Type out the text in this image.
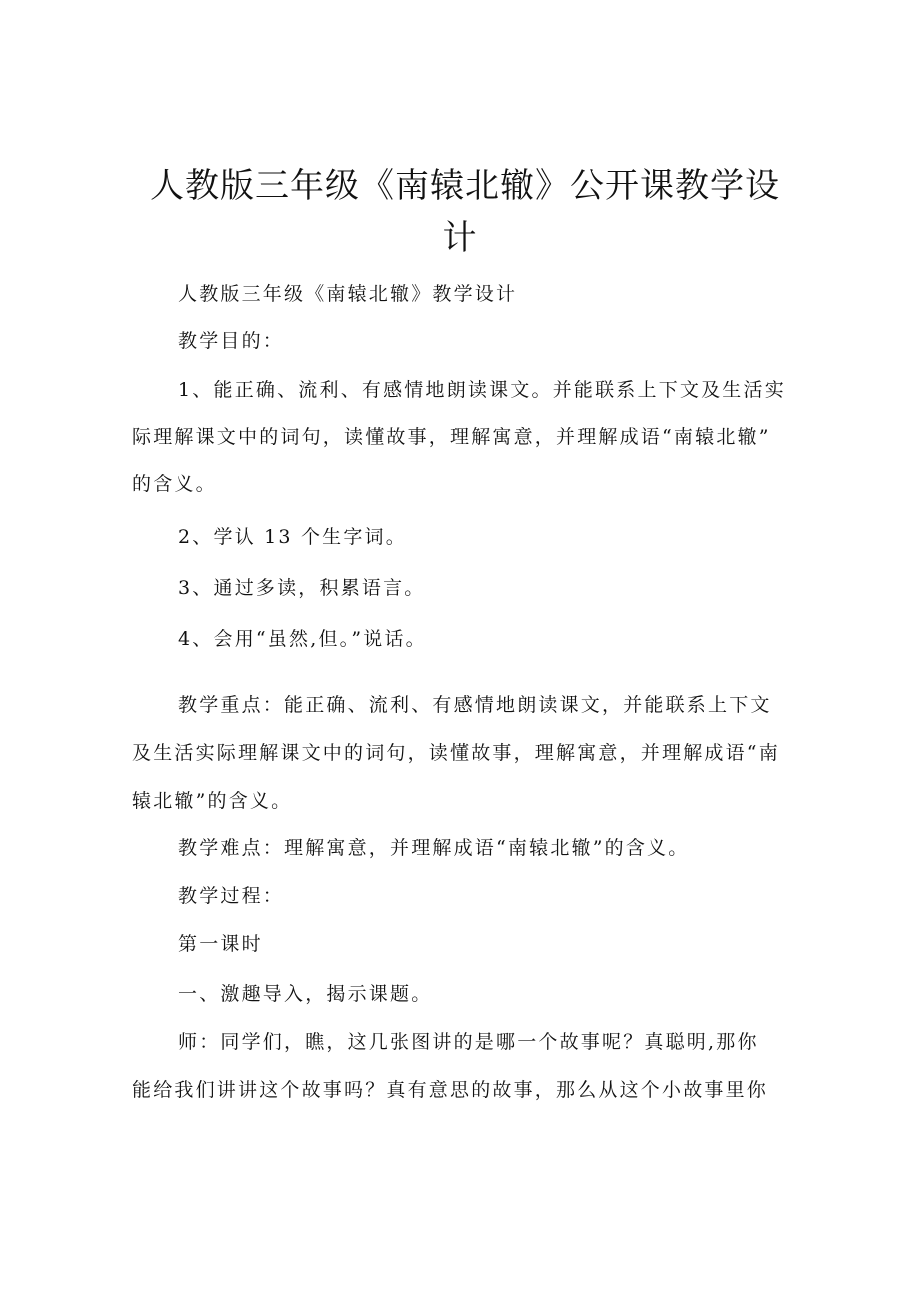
人教版三年级《南辕北辙》公开课教学设
计
人教版三年级《南辕北辙》教学设计
教学目的：
1、能正确、流利、有感情地朗读课文。并能联系上下文及生活实
际理解课文中的词句，读懂故事，理解寓意，并理解成语“南辕北辙”
的含义。
2、学认 13 个生字词。
3、通过多读，积累语言。
4、会用“虽然,但。”说话。
教学重点：能正确、流利、有感情地朗读课文，并能联系上下文
及生活实际理解课文中的词句，读懂故事，理解寓意，并理解成语“南
辕北辙”的含义。
教学难点：理解寓意，并理解成语“南辕北辙”的含义。
教学过程：
第一课时
一、激趣导入，揭示课题。
师：同学们，瞧，这几张图讲的是哪一个故事呢？真聪明,那你
能给我们讲讲这个故事吗？真有意思的故事，那么从这个小故事里你
